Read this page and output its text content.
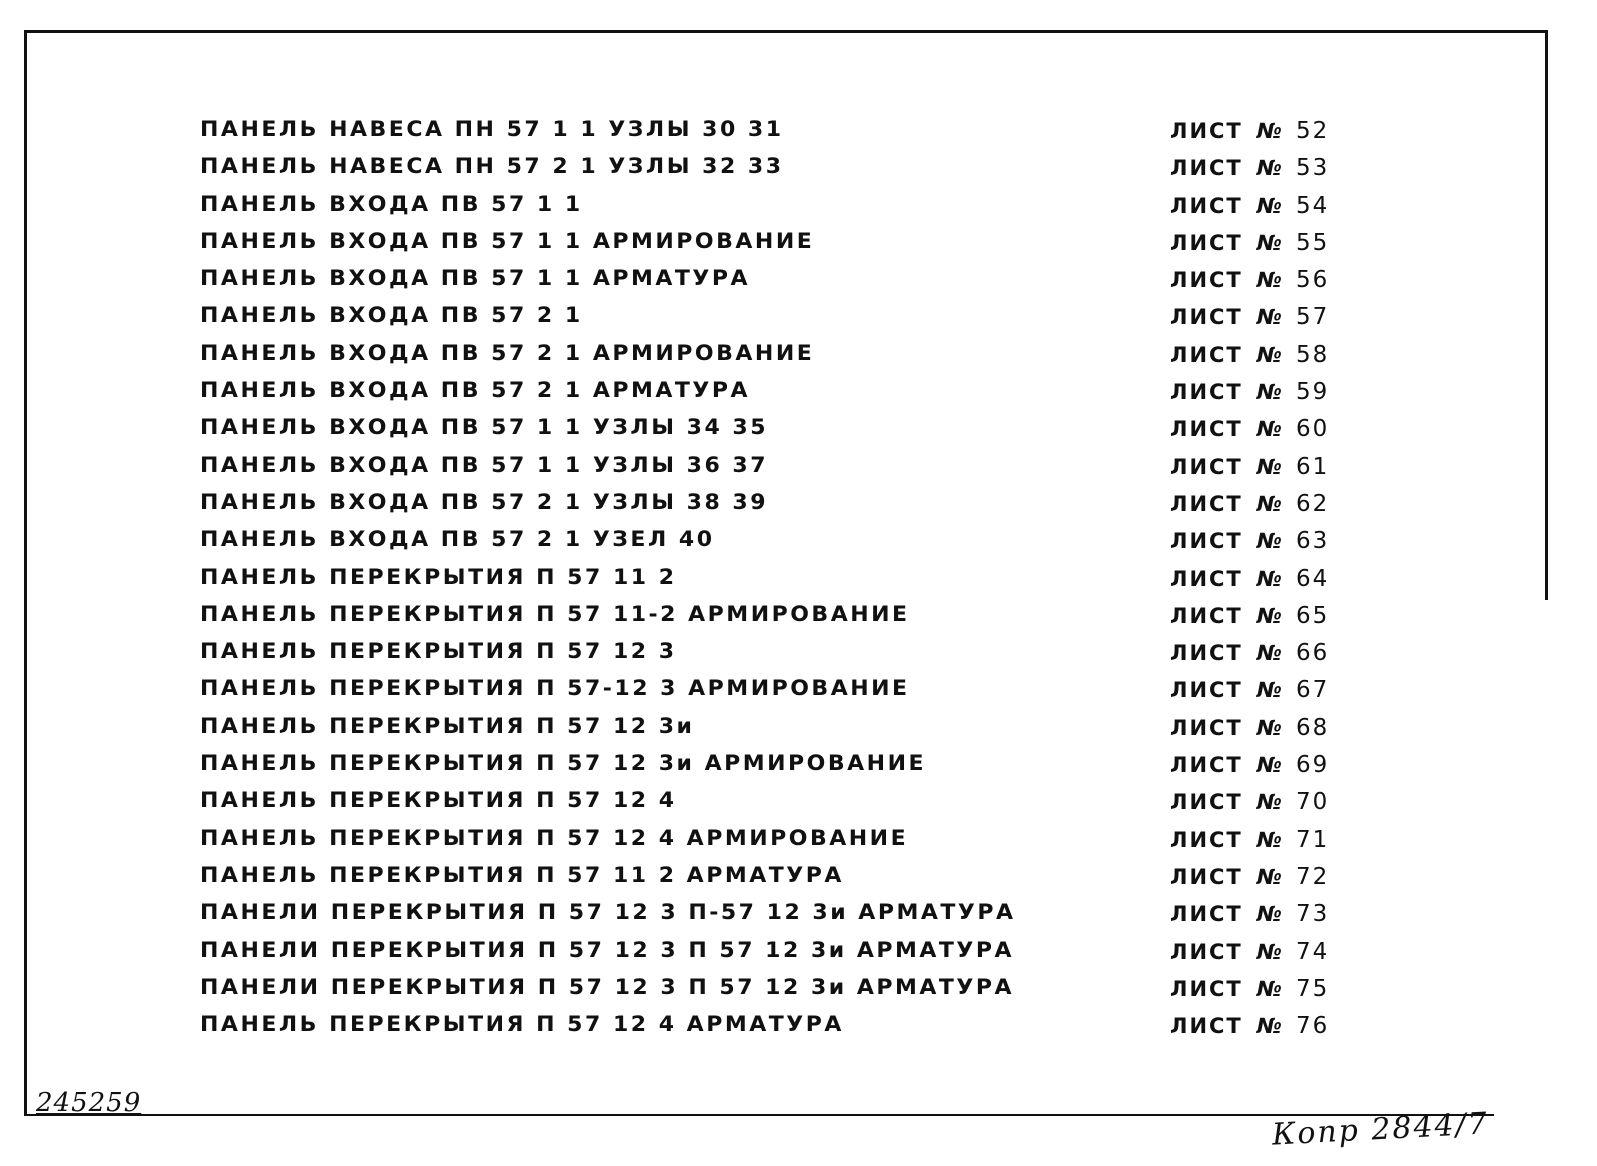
ПАНЕЛЬ НАВЕСА ПН 57 1 1 УЗЛЫ 30 31	ЛИСТ № 52
ПАНЕЛЬ НАВЕСА ПН 57 2 1 УЗЛЫ 32 33	ЛИСТ № 53
ПАНЕЛЬ ВХОДА ПВ 57 1 1	ЛИСТ № 54
ПАНЕЛЬ ВХОДА ПВ 57 1 1 АРМИРОВАНИЕ	ЛИСТ № 55
ПАНЕЛЬ ВХОДА ПВ 57 1 1 АРМАТУРА	ЛИСТ № 56
ПАНЕЛЬ ВХОДА ПВ 57 2 1	ЛИСТ № 57
ПАНЕЛЬ ВХОДА ПВ 57 2 1 АРМИРОВАНИЕ	ЛИСТ № 58
ПАНЕЛЬ ВХОДА ПВ 57 2 1 АРМАТУРА	ЛИСТ № 59
ПАНЕЛЬ ВХОДА ПВ 57 1 1 УЗЛЫ 34 35	ЛИСТ № 60
ПАНЕЛЬ ВХОДА ПВ 57 1 1 УЗЛЫ 36 37	ЛИСТ № 61
ПАНЕЛЬ ВХОДА ПВ 57 2 1 УЗЛЫ 38 39	ЛИСТ № 62
ПАНЕЛЬ ВХОДА ПВ 57 2 1 УЗЕЛ 40	ЛИСТ № 63
ПАНЕЛЬ ПЕРЕКРЫТИЯ П 57 11 2	ЛИСТ № 64
ПАНЕЛЬ ПЕРЕКРЫТИЯ П 57 11-2 АРМИРОВАНИЕ	ЛИСТ № 65
ПАНЕЛЬ ПЕРЕКРЫТИЯ П 57 12 3	ЛИСТ № 66
ПАНЕЛЬ ПЕРЕКРЫТИЯ П 57-12 3 АРМИРОВАНИЕ	ЛИСТ № 67
ПАНЕЛЬ ПЕРЕКРЫТИЯ П 57 12 3и	ЛИСТ № 68
ПАНЕЛЬ ПЕРЕКРЫТИЯ П 57 12 3и АРМИРОВАНИЕ	ЛИСТ № 69
ПАНЕЛЬ ПЕРЕКРЫТИЯ П 57 12 4	ЛИСТ № 70
ПАНЕЛЬ ПЕРЕКРЫТИЯ П 57 12 4 АРМИРОВАНИЕ	ЛИСТ № 71
ПАНЕЛЬ ПЕРЕКРЫТИЯ П 57 11 2 АРМАТУРА	ЛИСТ № 72
ПАНЕЛИ ПЕРЕКРЫТИЯ П 57 12 3 П-57 12 3и АРМАТУРА	ЛИСТ № 73
ПАНЕЛИ ПЕРЕКРЫТИЯ П 57 12 3 П 57 12 3и АРМАТУРА	ЛИСТ № 74
ПАНЕЛИ ПЕРЕКРЫТИЯ П 57 12 3 П 57 12 3и АРМАТУРА	ЛИСТ № 75
ПАНЕЛЬ ПЕРЕКРЫТИЯ П 57 12 4 АРМАТУРА	ЛИСТ № 76
245259
Копр 2844/7
